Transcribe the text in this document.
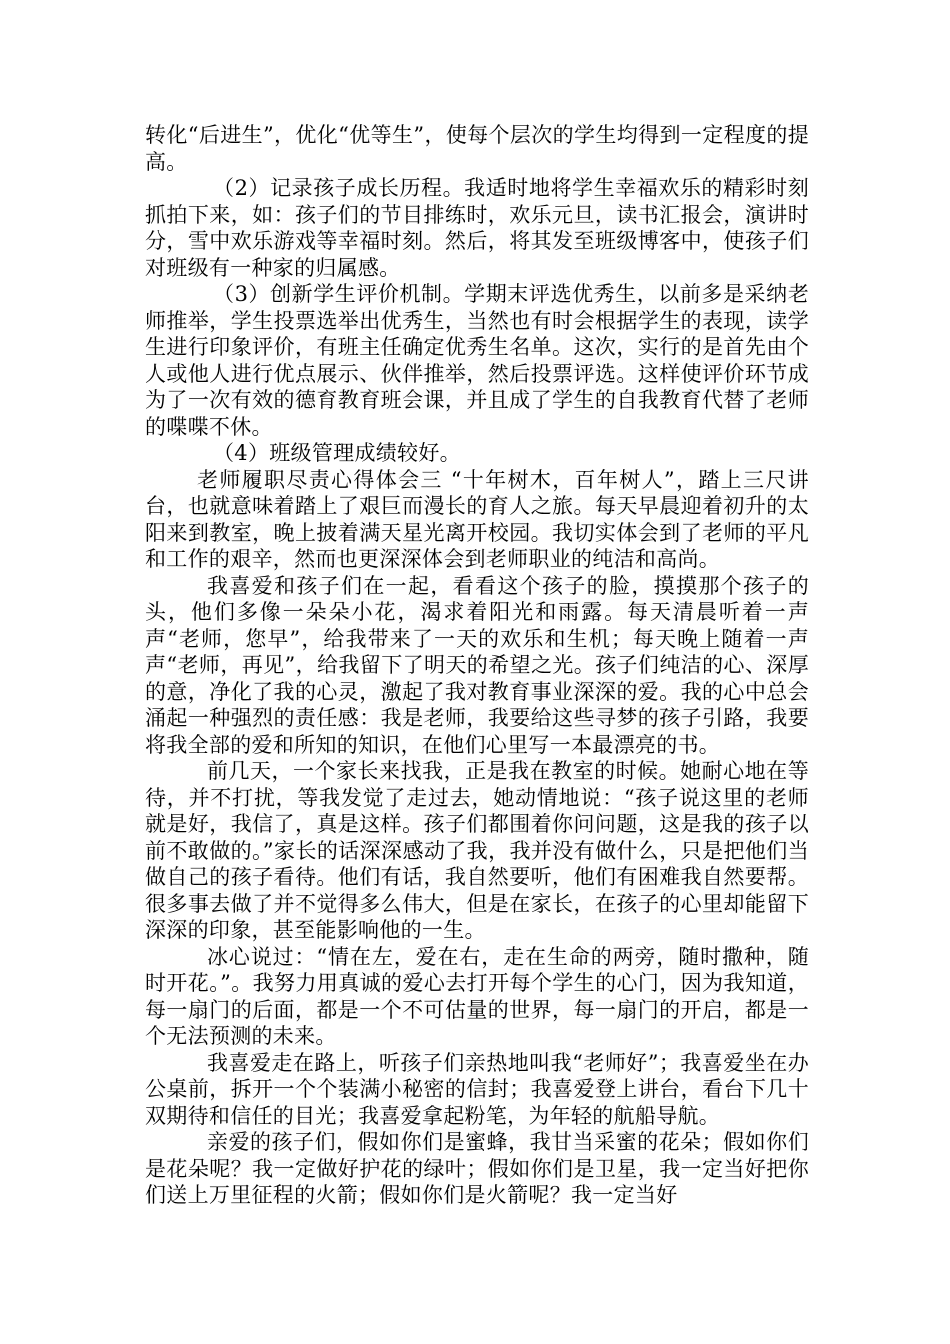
转化“后进生”，优化“优等生”，使每个层次的学生均得到一定程度的提高。

（2）记录孩子成长历程。我适时地将学生幸福欢乐的精彩时刻抓拍下来，如：孩子们的节目排练时，欢乐元旦，读书汇报会，演讲时分，雪中欢乐游戏等幸福时刻。然后，将其发至班级博客中，使孩子们对班级有一种家的归属感。

（3）创新学生评价机制。学期末评选优秀生，以前多是采纳老师推举，学生投票选举出优秀生，当然也有时会根据学生的表现，读学生进行印象评价，有班主任确定优秀生名单。这次，实行的是首先由个人或他人进行优点展示、伙伴推举，然后投票评选。这样使评价环节成为了一次有效的德育教育班会课，并且成了学生的自我教育代替了老师的喋喋不休。

（4）班级管理成绩较好。

老师履职尽责心得体会三 “十年树木，百年树人”，踏上三尺讲台，也就意味着踏上了艰巨而漫长的育人之旅。每天早晨迎着初升的太阳来到教室，晚上披着满天星光离开校园。我切实体会到了老师的平凡和工作的艰辛，然而也更深深体会到老师职业的纯洁和高尚。

我喜爱和孩子们在一起，看看这个孩子的脸，摸摸那个孩子的头，他们多像一朵朵小花，渴求着阳光和雨露。每天清晨听着一声声“老师，您早”，给我带来了一天的欢乐和生机；每天晚上随着一声声“老师，再见”，给我留下了明天的希望之光。孩子们纯洁的心、深厚的意，净化了我的心灵，激起了我对教育事业深深的爱。我的心中总会涌起一种强烈的责任感：我是老师，我要给这些寻梦的孩子引路，我要将我全部的爱和所知的知识，在他们心里写一本最漂亮的书。

前几天，一个家长来找我，正是我在教室的时候。她耐心地在等待，并不打扰，等我发觉了走过去，她动情地说：“孩子说这里的老师就是好，我信了，真是这样。孩子们都围着你问问题，这是我的孩子以前不敢做的。”家长的话深深感动了我，我并没有做什么，只是把他们当做自己的孩子看待。他们有话，我自然要听，他们有困难我自然要帮。很多事去做了并不觉得多么伟大，但是在家长，在孩子的心里却能留下深深的印象，甚至能影响他的一生。

冰心说过：“情在左，爱在右，走在生命的两旁，随时撒种，随时开花。”。我努力用真诚的爱心去打开每个学生的心门，因为我知道，每一扇门的后面，都是一个不可估量的世界，每一扇门的开启，都是一个无法预测的未来。

我喜爱走在路上，听孩子们亲热地叫我“老师好”；我喜爱坐在办公桌前，拆开一个个装满小秘密的信封；我喜爱登上讲台，看台下几十双期待和信任的目光；我喜爱拿起粉笔，为年轻的航船导航。

亲爱的孩子们，假如你们是蜜蜂，我甘当采蜜的花朵；假如你们是花朵呢？我一定做好护花的绿叶；假如你们是卫星，我一定当好把你们送上万里征程的火箭；假如你们是火箭呢？我一定当好
